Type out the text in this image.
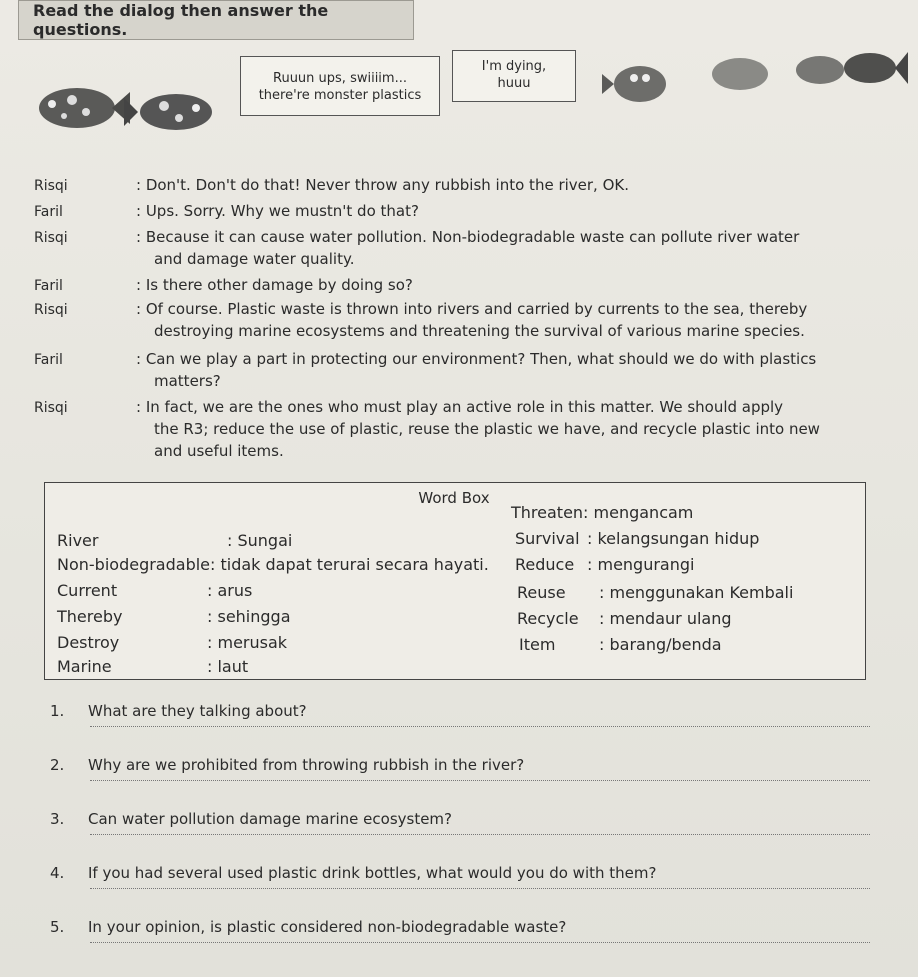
Read the dialog then answer the questions.
Ruuun ups, swiiiim...
there're monster plastics
I'm dying,
huuu
Risqi	: Don't. Don't do that! Never throw any rubbish into the river, OK.
Faril	: Ups. Sorry. Why we mustn't do that?
Risqi	: Because it can cause water pollution. Non-biodegradable waste can pollute river water
and damage water quality.
Faril	: Is there other damage by doing so?
Risqi	: Of course. Plastic waste is thrown into rivers and carried by currents to the sea, thereby
destroying marine ecosystems and threatening the survival of various marine species.
Faril	: Can we play a part in protecting our environment? Then, what should we do with plastics
matters?
Risqi	: In fact, we are the ones who must play an active role in this matter. We should apply
the R3; reduce the use of plastic, reuse the plastic we have, and recycle plastic into new
and useful items.
Word Box
River	: Sungai
Non-biodegradable: tidak dapat terurai secara hayati.
Current	: arus
Thereby	: sehingga
Destroy	: merusak
Marine	: laut
Threaten: mengancam
Survival : kelangsungan hidup
Reduce : mengurangi
Reuse : menggunakan Kembali
Recycle : mendaur ulang
Item	: barang/benda
1. What are they talking about?
2. Why are we prohibited from throwing rubbish in the river?
3. Can water pollution damage marine ecosystem?
4. If you had several used plastic drink bottles, what would you do with them?
5. In your opinion, is plastic considered non-biodegradable waste?
